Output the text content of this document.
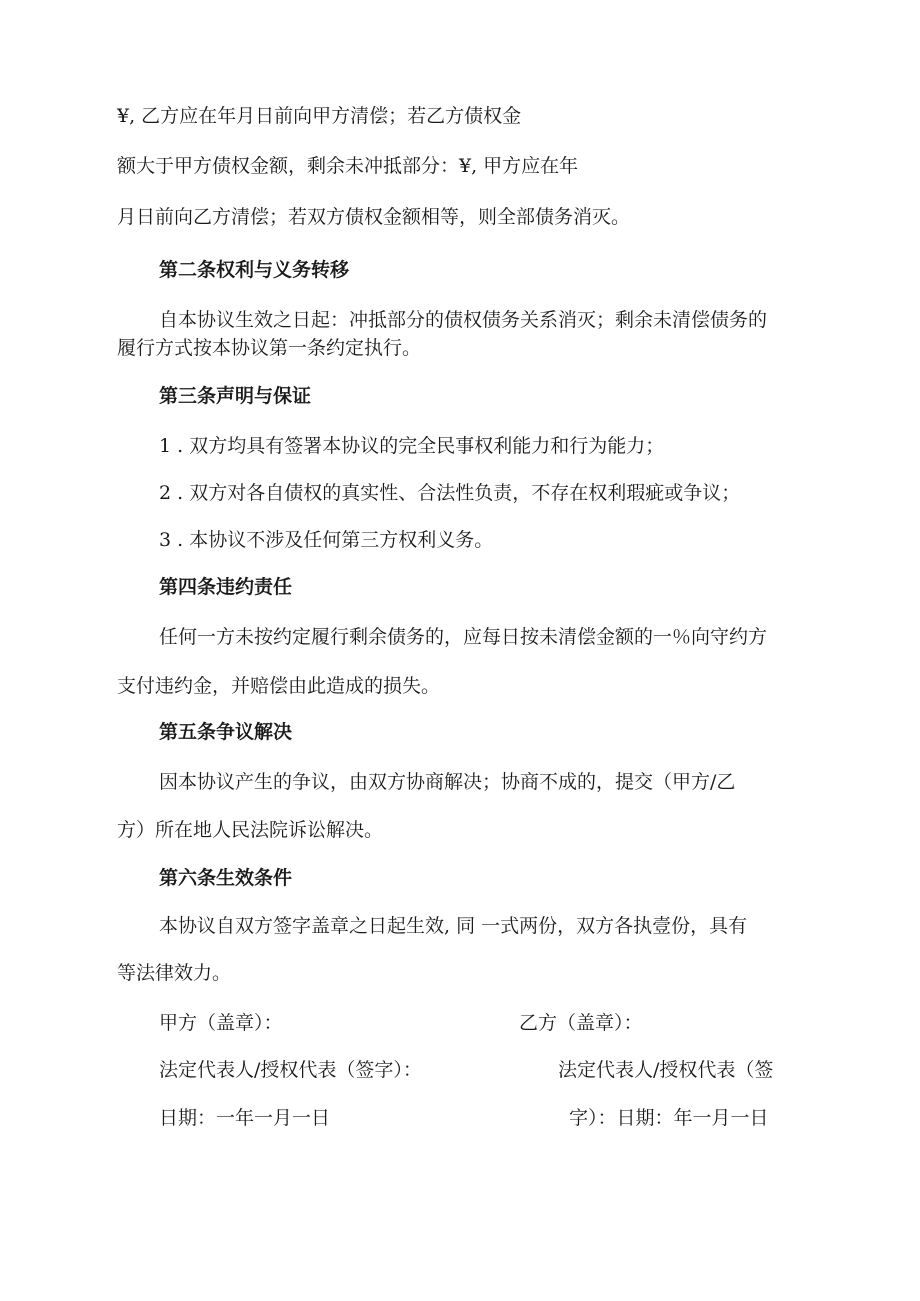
¥, 乙方应在年月日前向甲方清偿；若乙方债权金

额大于甲方债权金额，剩余未冲抵部分：¥, 甲方应在年

月日前向乙方清偿；若双方债权金额相等，则全部债务消灭。

第二条权利与义务转移

自本协议生效之日起：冲抵部分的债权债务关系消灭；剩余未清偿债务的

履行方式按本协议第一条约定执行。

第三条声明与保证

1 . 双方均具有签署本协议的完全民事权利能力和行为能力；

2 . 双方对各自债权的真实性、合法性负责，不存在权利瑕疵或争议；

3 . 本协议不涉及任何第三方权利义务。

第四条违约责任

任何一方未按约定履行剩余债务的，应每日按未清偿金额的一％向守约方

支付违约金，并赔偿由此造成的损失。

第五条争议解决

因本协议产生的争议，由双方协商解决；协商不成的，提交（甲方/乙

方）所在地人民法院诉讼解决。

第六条生效条件

本协议自双方签字盖章之日起生效, 同 一式两份，双方各执壹份，具有

等法律效力。

甲方（盖章）：	乙方（盖章）：

法定代表人/授权代表（签字）：	法定代表人/授权代表（签

日期：一年一月一日	字）：日期：年一月一日
